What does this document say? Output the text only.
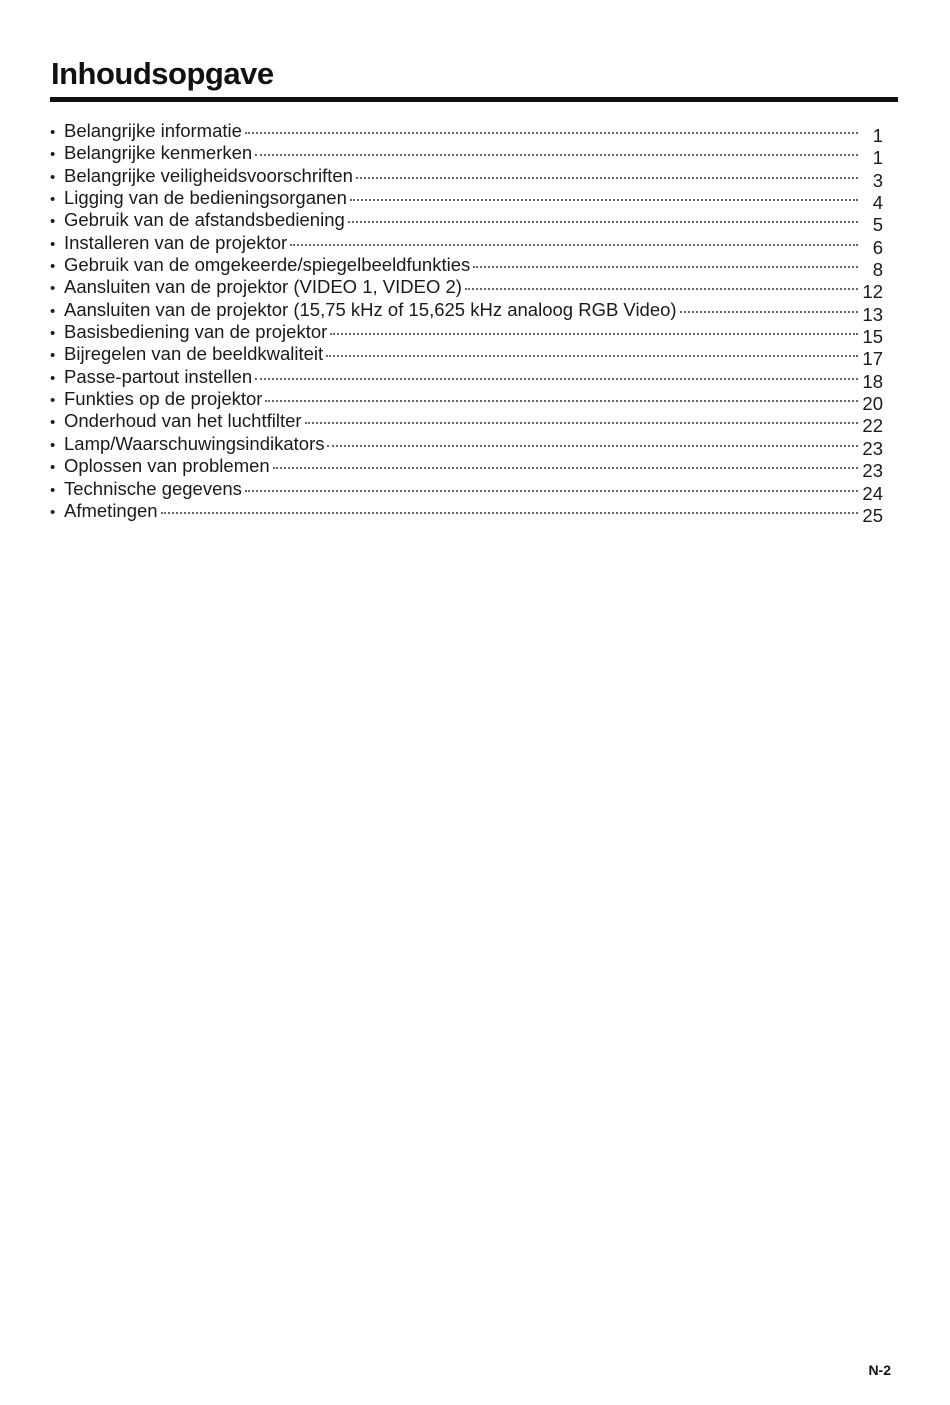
Inhoudsopgave
• Belangrijke informatie	1
• Belangrijke kenmerken	1
• Belangrijke veiligheidsvoorschriften	3
• Ligging van de bedieningsorganen	4
• Gebruik van de afstandsbediening	5
• Installeren van de projektor	6
• Gebruik van de omgekeerde/spiegelbeeldfunkties	8
• Aansluiten van de projektor (VIDEO 1, VIDEO 2)	12
• Aansluiten van de projektor (15,75 kHz of 15,625 kHz analoog RGB Video)	13
• Basisbediening van de projektor	15
• Bijregelen van de beeldkwaliteit	17
• Passe-partout instellen	18
• Funkties op de projektor	20
• Onderhoud van het luchtfilter	22
• Lamp/Waarschuwingsindikators	23
• Oplossen van problemen	23
• Technische gegevens	24
• Afmetingen	25
N-2
